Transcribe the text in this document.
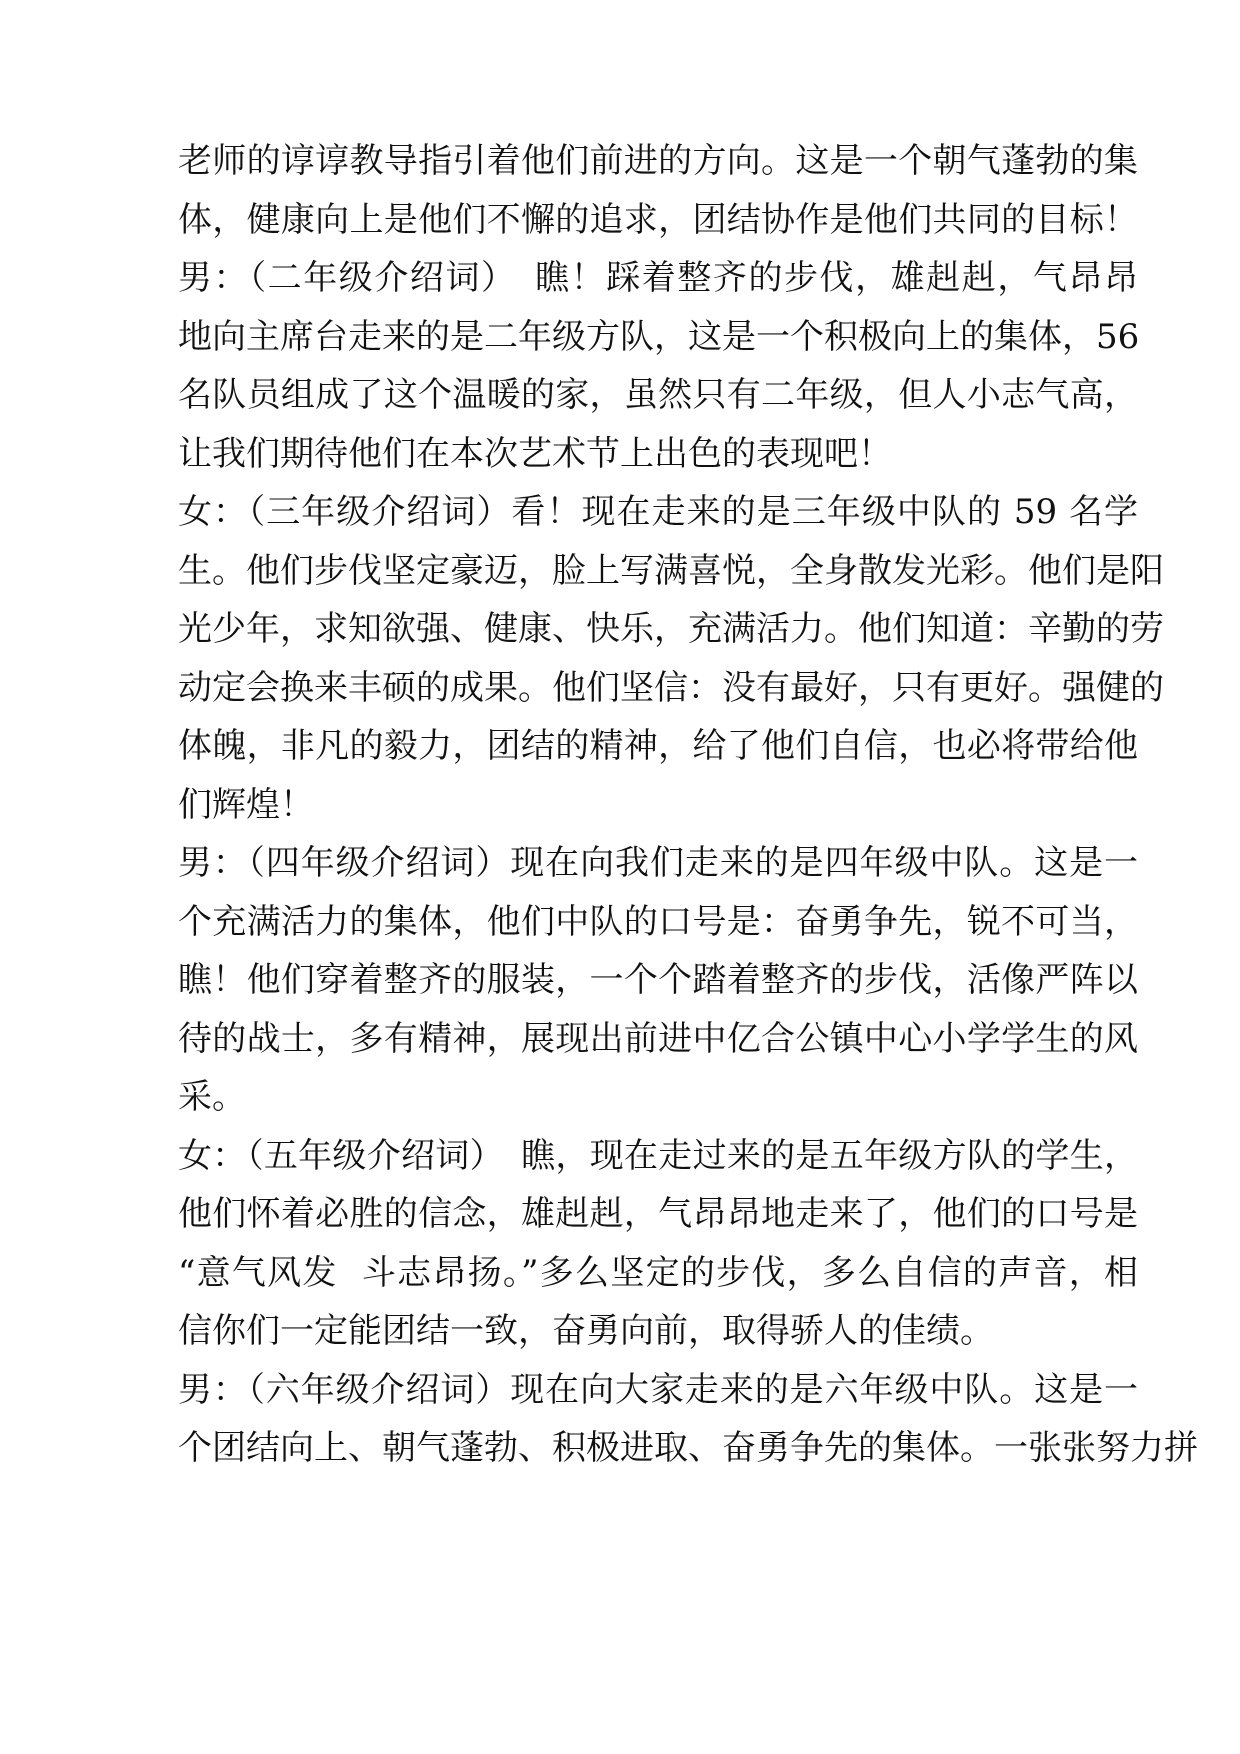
老师的谆谆教导指引着他们前进的方向。这是一个朝气蓬勃的集
体，健康向上是他们不懈的追求，团结协作是他们共同的目标！
男：（二年级介绍词）　瞧！踩着整齐的步伐，雄赳赳，气昂昂
地向主席台走来的是二年级方队，这是一个积极向上的集体，56
名队员组成了这个温暖的家，虽然只有二年级，但人小志气高，
让我们期待他们在本次艺术节上出色的表现吧！
女：（三年级介绍词）看！现在走来的是三年级中队的 59 名学
生。他们步伐坚定豪迈，脸上写满喜悦，全身散发光彩。他们是阳
光少年，求知欲强、健康、快乐，充满活力。他们知道：辛勤的劳
动定会换来丰硕的成果。他们坚信：没有最好，只有更好。强健的
体魄，非凡的毅力，团结的精神，给了他们自信，也必将带给他
们辉煌！
男：（四年级介绍词）现在向我们走来的是四年级中队。这是一
个充满活力的集体，他们中队的口号是：奋勇争先，锐不可当，
瞧！他们穿着整齐的服装，一个个踏着整齐的步伐，活像严阵以
待的战士，多有精神，展现出前进中亿合公镇中心小学学生的风
采。
女：（五年级介绍词）　瞧，现在走过来的是五年级方队的学生，
他们怀着必胜的信念，雄赳赳，气昂昂地走来了，他们的口号是
“意气风发  斗志昂扬。”多么坚定的步伐，多么自信的声音，相
信你们一定能团结一致，奋勇向前，取得骄人的佳绩。
男：（六年级介绍词）现在向大家走来的是六年级中队。这是一
个团结向上、朝气蓬勃、积极进取、奋勇争先的集体。一张张努力拼
